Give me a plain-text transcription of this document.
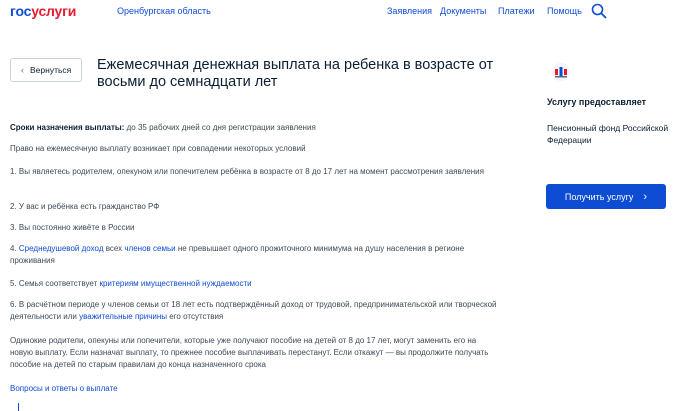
госуслуги	Оренбургская область	Заявления Документы Платежи Помощь
‹ Вернуться Ежемесячная денежная выплата на ребенка в возрасте от восьми до семнадцати лет
Сроки назначения выплаты: до 35 рабочих дней со дня регистрации заявления
Право на ежемесячную выплату возникает при совпадении некоторых условий
1. Вы являетесь родителем, опекуном или попечителем ребёнка в возрасте от 8 до 17 лет на момент рассмотрения заявления
2. У вас и ребёнка есть гражданство РФ
3. Вы постоянно живёте в России
4. Среднедушевой доход всех членов семьи не превышает одного прожиточного минимума на душу населения в регионе проживания
5. Семья соответствует критериям имущественной нуждаемости
6. В расчётном периоде у членов семьи от 18 лет есть подтверждённый доход от трудовой, предпринимательской или творческой деятельности или уважительные причины его отсутствия
Одинокие родители, опекуны или попечители, которые уже получают пособие на детей от 8 до 17 лет, могут заменить его на новую выплату. Если назначат выплату, то прежнее пособие выплачивать перестанут. Если откажут — вы продолжите получать пособие на детей по старым правилам до конца назначенного срока
Вопросы и ответы о выплате
Услугу предоставляет
Пенсионный фонд Российской Федерации
Получить услугу ›
